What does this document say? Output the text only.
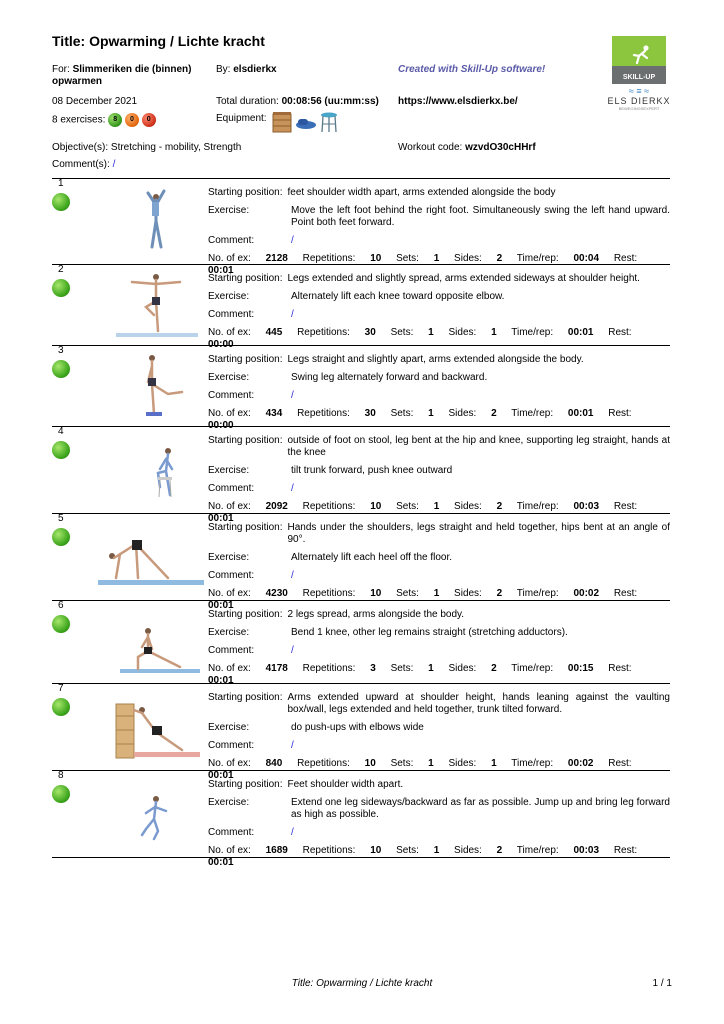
Title: Opwarming / Lichte kracht
For: Slimmeriken die (binnen) opwarmen
By: elsdierkx	Created with Skill-Up software!
08 December 2021	Total duration: 00:08:56 (uu:mm:ss) https://www.elsdierkx.be/
8 exercises: 8 0 0	Equipment:
Objective(s): Stretching - mobility, Strength	Workout code: wzvdO30cHHrf
Comment(s): /
SKILL-UP
≈ ≡ ≈
ELS DIERKX
BEWEGINGSEXPERT
1
Starting position: feet shoulder width apart, arms extended alongside the body
Exercise:	Move the left foot behind the right foot. Simultaneously swing the left hand upward. Point both feet forward.
Comment:	/
No. of ex: 2128 Repetitions: 10 Sets: 1 Sides: 2 Time/rep: 00:04 Rest: 00:01
2
Starting position: Legs extended and slightly spread, arms extended sideways at shoulder height.
Exercise:	Alternately lift each knee toward opposite elbow.
Comment:	/
No. of ex: 445 Repetitions: 30 Sets: 1 Sides: 1 Time/rep: 00:01 Rest: 00:00
3
Starting position: Legs straight and slightly apart, arms extended alongside the body.
Exercise:	Swing leg alternately forward and backward.
Comment:	/
No. of ex: 434 Repetitions: 30 Sets: 1 Sides: 2 Time/rep: 00:01 Rest: 00:00
4
Starting position: outside of foot on stool, leg bent at the hip and knee, supporting leg straight, hands at the knee
Exercise:	tilt trunk forward, push knee outward
Comment:	/
No. of ex: 2092 Repetitions: 10 Sets: 1 Sides: 2 Time/rep: 00:03 Rest: 00:01
5
Starting position: Hands under the shoulders, legs straight and held together, hips bent at an angle of 90°.
Exercise:	Alternately lift each heel off the floor.
Comment:	/
No. of ex: 4230 Repetitions: 10 Sets: 1 Sides: 2 Time/rep: 00:02 Rest: 00:01
6
Starting position: 2 legs spread, arms alongside the body.
Exercise:	Bend 1 knee, other leg remains straight (stretching adductors).
Comment:	/
No. of ex: 4178 Repetitions: 3 Sets: 1 Sides: 2 Time/rep: 00:15 Rest: 00:01
7
Starting position: Arms extended upward at shoulder height, hands leaning against the vaulting box/wall, legs extended and held together, trunk tilted forward.
Exercise:	do push-ups with elbows wide
Comment:	/
No. of ex: 840 Repetitions: 10 Sets: 1 Sides: 1 Time/rep: 00:02 Rest: 00:01
8
Starting position: Feet shoulder width apart.
Exercise:	Extend one leg sideways/backward as far as possible. Jump up and bring leg forward as high as possible.
Comment:	/
No. of ex: 1689 Repetitions: 10 Sets: 1 Sides: 2 Time/rep: 00:03 Rest: 00:01
Title: Opwarming / Lichte kracht	1 / 1
